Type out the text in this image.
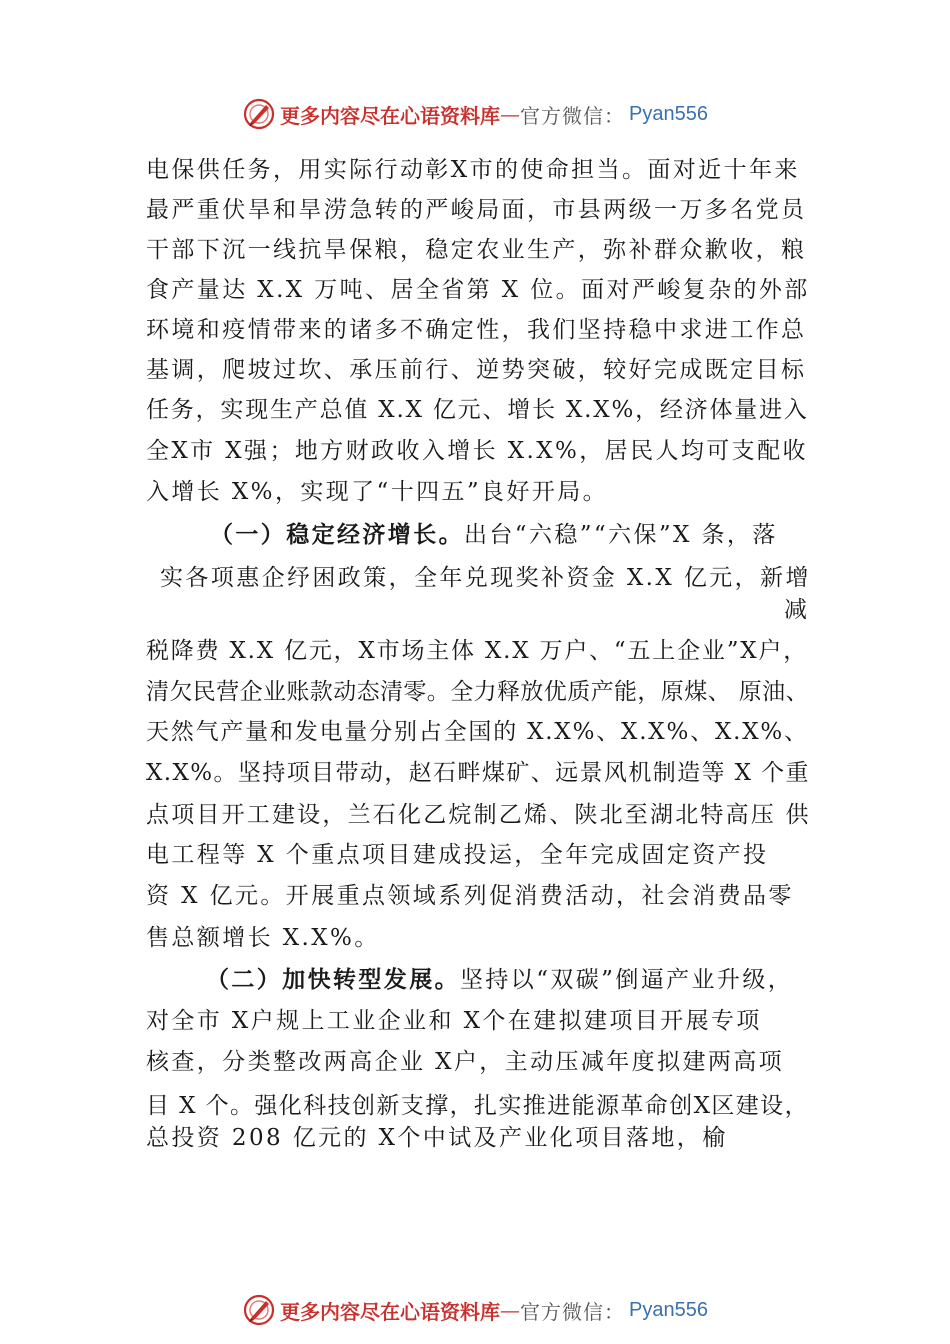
更多内容尽在心语资料库 — 官方微信： Pyan556
电保供任务，用实际行动彰X市的使命担当。面对近十年来
最严重伏旱和旱涝急转的严峻局面，市县两级一万多名党员
干部下沉一线抗旱保粮，稳定农业生产，弥补群众歉收，粮
食产量达 X.X 万吨、居全省第 X 位。面对严峻复杂的外部
环境和疫情带来的诸多不确定性，我们坚持稳中求进工作总
基调，爬坡过坎、承压前行、逆势突破，较好完成既定目标
任务，实现生产总值 X.X 亿元、增长 X.X%，经济体量进入
全X市 X强；地方财政收入增长 X.X%，居民人均可支配收
入增长 X%，实现了“十四五”良好开局。
（一）稳定经济增长。出台“六稳”“六保”X 条，落
实各项惠企纾困政策，全年兑现奖补资金 X.X 亿元，新增
减
税降费 X.X 亿元，X市场主体 X.X 万户、“五上企业”X户，
清欠民营企业账款动态清零。全力释放优质产能，原煤、 原油、
天然气产量和发电量分别占全国的 X.X%、X.X%、X.X%、
X.X%。坚持项目带动，赵石畔煤矿、远景风机制造等 X 个重
点项目开工建设，兰石化乙烷制乙烯、陕北至湖北特高压 供
电工程等 X 个重点项目建成投运，全年完成固定资产投
资 X 亿元。开展重点领域系列促消费活动，社会消费品零
售总额增长 X.X%。
（二）加快转型发展。坚持以“双碳”倒逼产业升级，
对全市 X户规上工业企业和 X个在建拟建项目开展专项
核查，分类整改两高企业 X户，主动压减年度拟建两高项
目 X 个。强化科技创新支撑，扎实推进能源革命创X区建设，
总投资 208 亿元的 X个中试及产业化项目落地，榆
更多内容尽在心语资料库 — 官方微信： Pyan556
